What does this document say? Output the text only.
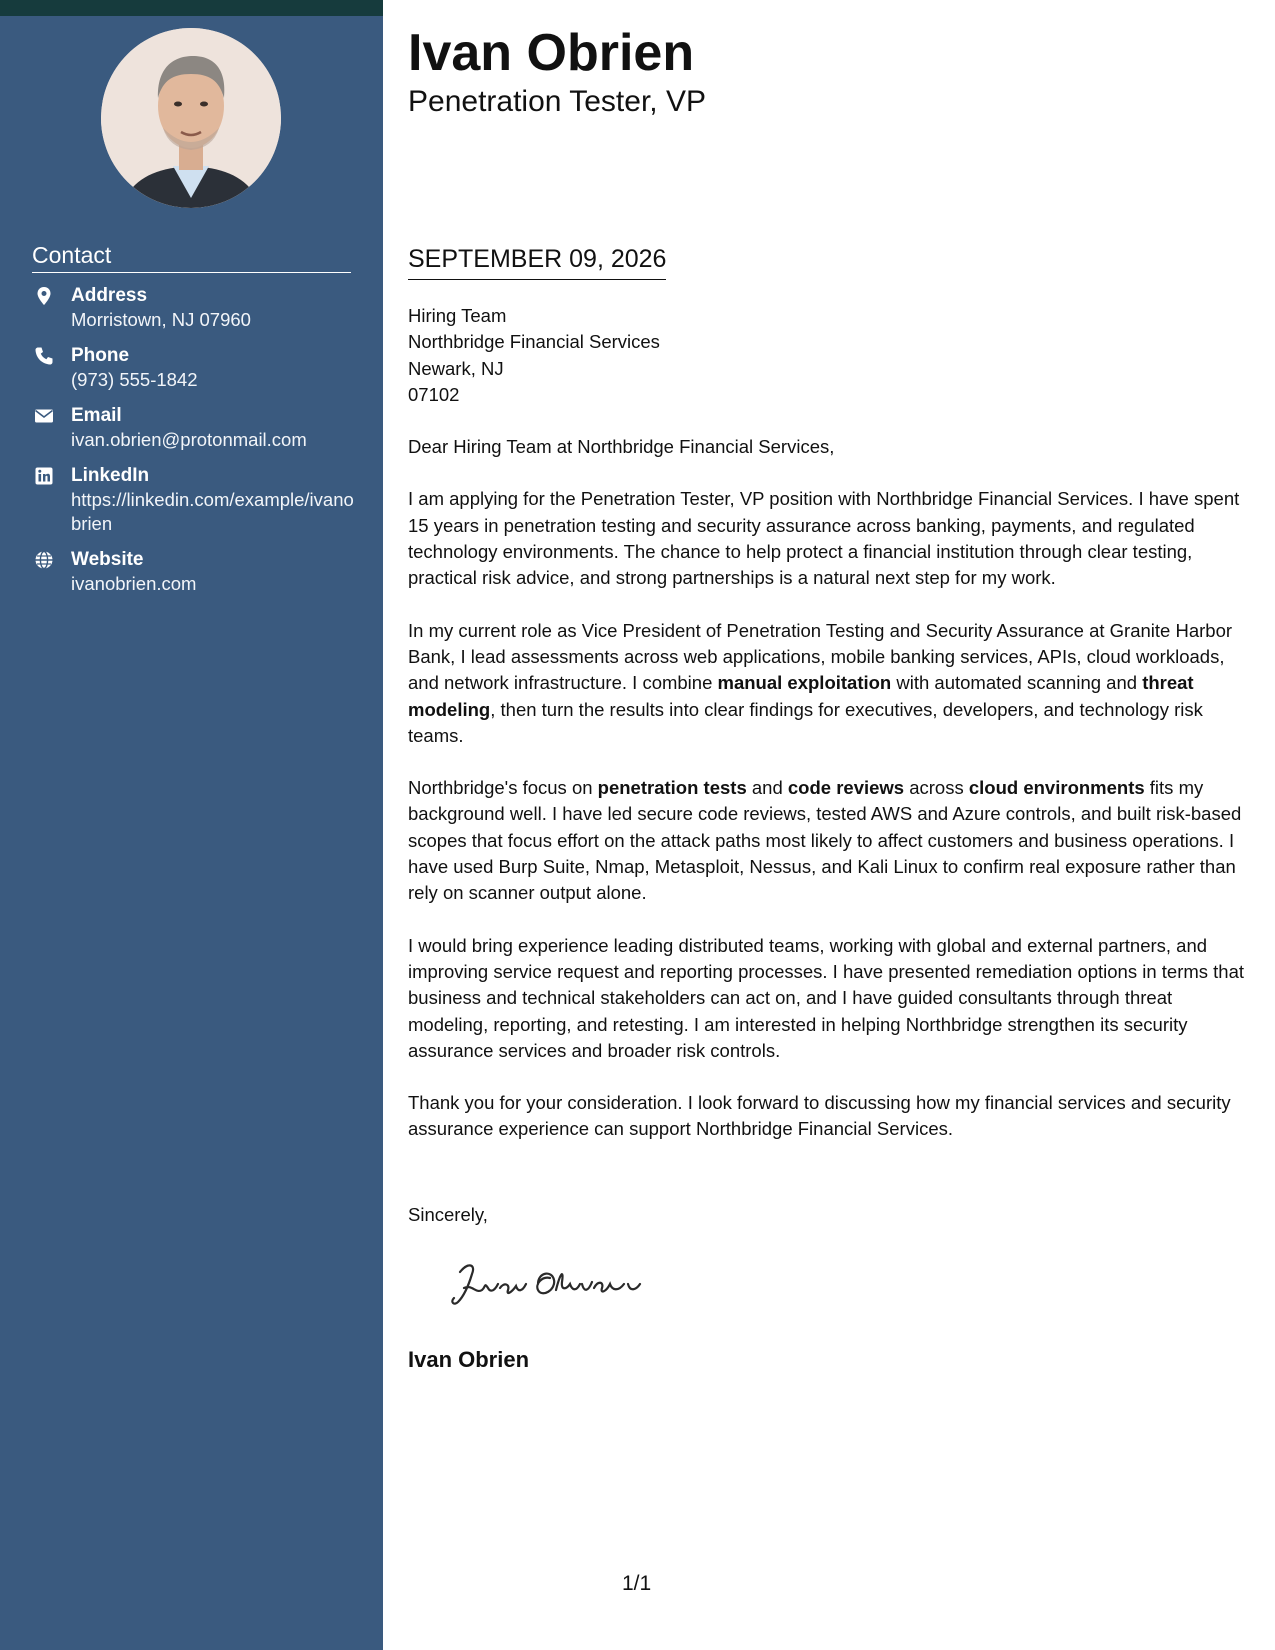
Contact
Address
Morristown, NJ 07960
Phone
(973) 555-1842
Email
ivan.obrien@protonmail.com
LinkedIn
https://linkedin.com/example/ivanobrien
Website
ivanobrien.com
Ivan Obrien
Penetration Tester, VP
SEPTEMBER 09, 2026
Hiring Team
Northbridge Financial Services
Newark, NJ
07102
Dear Hiring Team at Northbridge Financial Services,
I am applying for the Penetration Tester, VP position with Northbridge Financial Services. I have spent 15 years in penetration testing and security assurance across banking, payments, and regulated technology environments. The chance to help protect a financial institution through clear testing, practical risk advice, and strong partnerships is a natural next step for my work.
In my current role as Vice President of Penetration Testing and Security Assurance at Granite Harbor Bank, I lead assessments across web applications, mobile banking services, APIs, cloud workloads, and network infrastructure. I combine manual exploitation with automated scanning and threat modeling, then turn the results into clear findings for executives, developers, and technology risk teams.
Northbridge's focus on penetration tests and code reviews across cloud environments fits my background well. I have led secure code reviews, tested AWS and Azure controls, and built risk-based scopes that focus effort on the attack paths most likely to affect customers and business operations. I have used Burp Suite, Nmap, Metasploit, Nessus, and Kali Linux to confirm real exposure rather than rely on scanner output alone.
I would bring experience leading distributed teams, working with global and external partners, and improving service request and reporting processes. I have presented remediation options in terms that business and technical stakeholders can act on, and I have guided consultants through threat modeling, reporting, and retesting. I am interested in helping Northbridge strengthen its security assurance services and broader risk controls.
Thank you for your consideration. I look forward to discussing how my financial services and security assurance experience can support Northbridge Financial Services.
Sincerely,
Ivan Obrien
1/1
